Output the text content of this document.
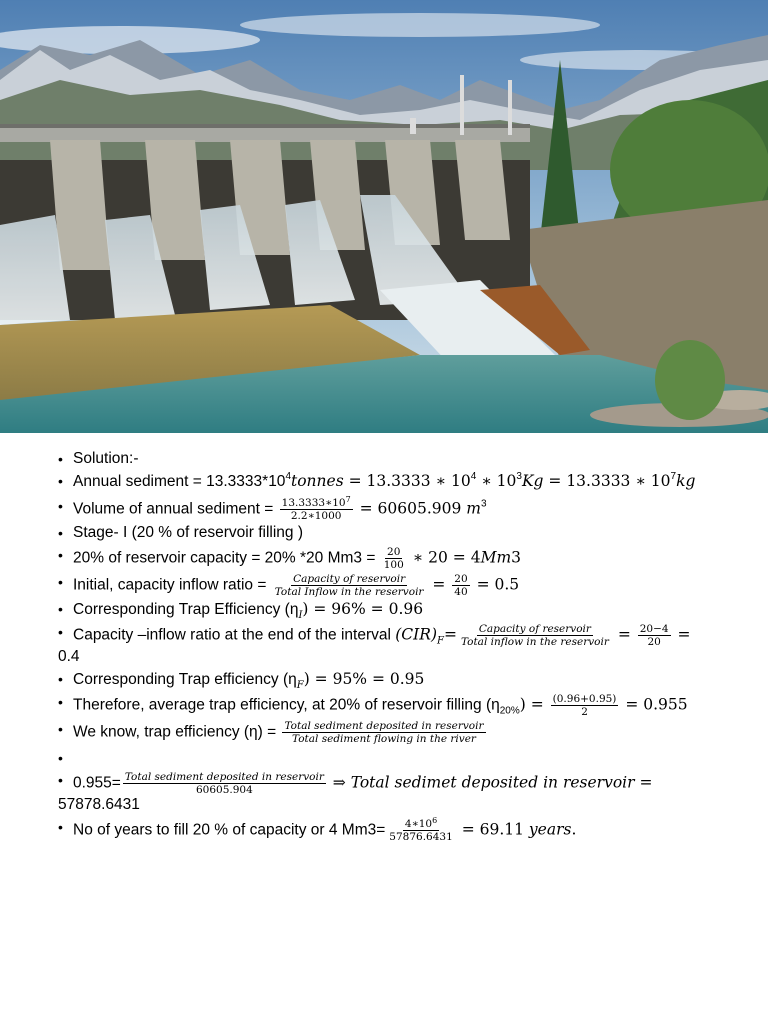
• Solution:-
• Annual sediment = $13.3333*10^4tonnes = 13.3333$ ∗ $10^4$ ∗ $10^3Kg = 13.3333$ ∗ $10^7kg$
• Volume of annual sediment = $\frac{13.3333∗10^7}{2.2∗1000} = 60605.909$ $m^3$
• Stage- I (20 % of reservoir filling )
• 20% of reservoir capacity = 20% *20 $Mm3 = \frac{20}{100}$ ∗ 20 = 4Mm3
• Initial, capacity inflow ratio = $\frac{\text{Capacity of reservoir}}{\text{Total Inflow in the reservoir}} = \frac{20}{40} = 0.5$
• Corresponding Trap Efficiency $(\eta_I) = 96\% = 0.96$
• Capacity –inflow ratio at the end of the interval $(CIR)_F= \frac{\text{Capacity of reservoir}}{\text{Total inflow in the reservoir}} = \frac{20-4}{20}$ =
0.4
• Corresponding Trap efficiency $(\eta_F) = 95\% = 0.95$
• Therefore, average trap efficiency, at 20% of reservoir filling $(\eta_{20\%}) = \frac{(0.96+0.95)}{2} = 0.955$
• We know, trap efficiency $(\eta) = \frac{\text{Total sediment deposited in reservoir}}{\text{Total sediment flowing in the river}}$
•
• $0.955= \frac{\text{Total sediment deposited in reservoir}}{60605.904}$ ⇒ Total sedimet deposited in reservoir =
57878.6431
• No of years to fill 20 % of capacity or 4 $Mm3= \frac{4∗10^6}{57876.6431} = 69.11$ years.
